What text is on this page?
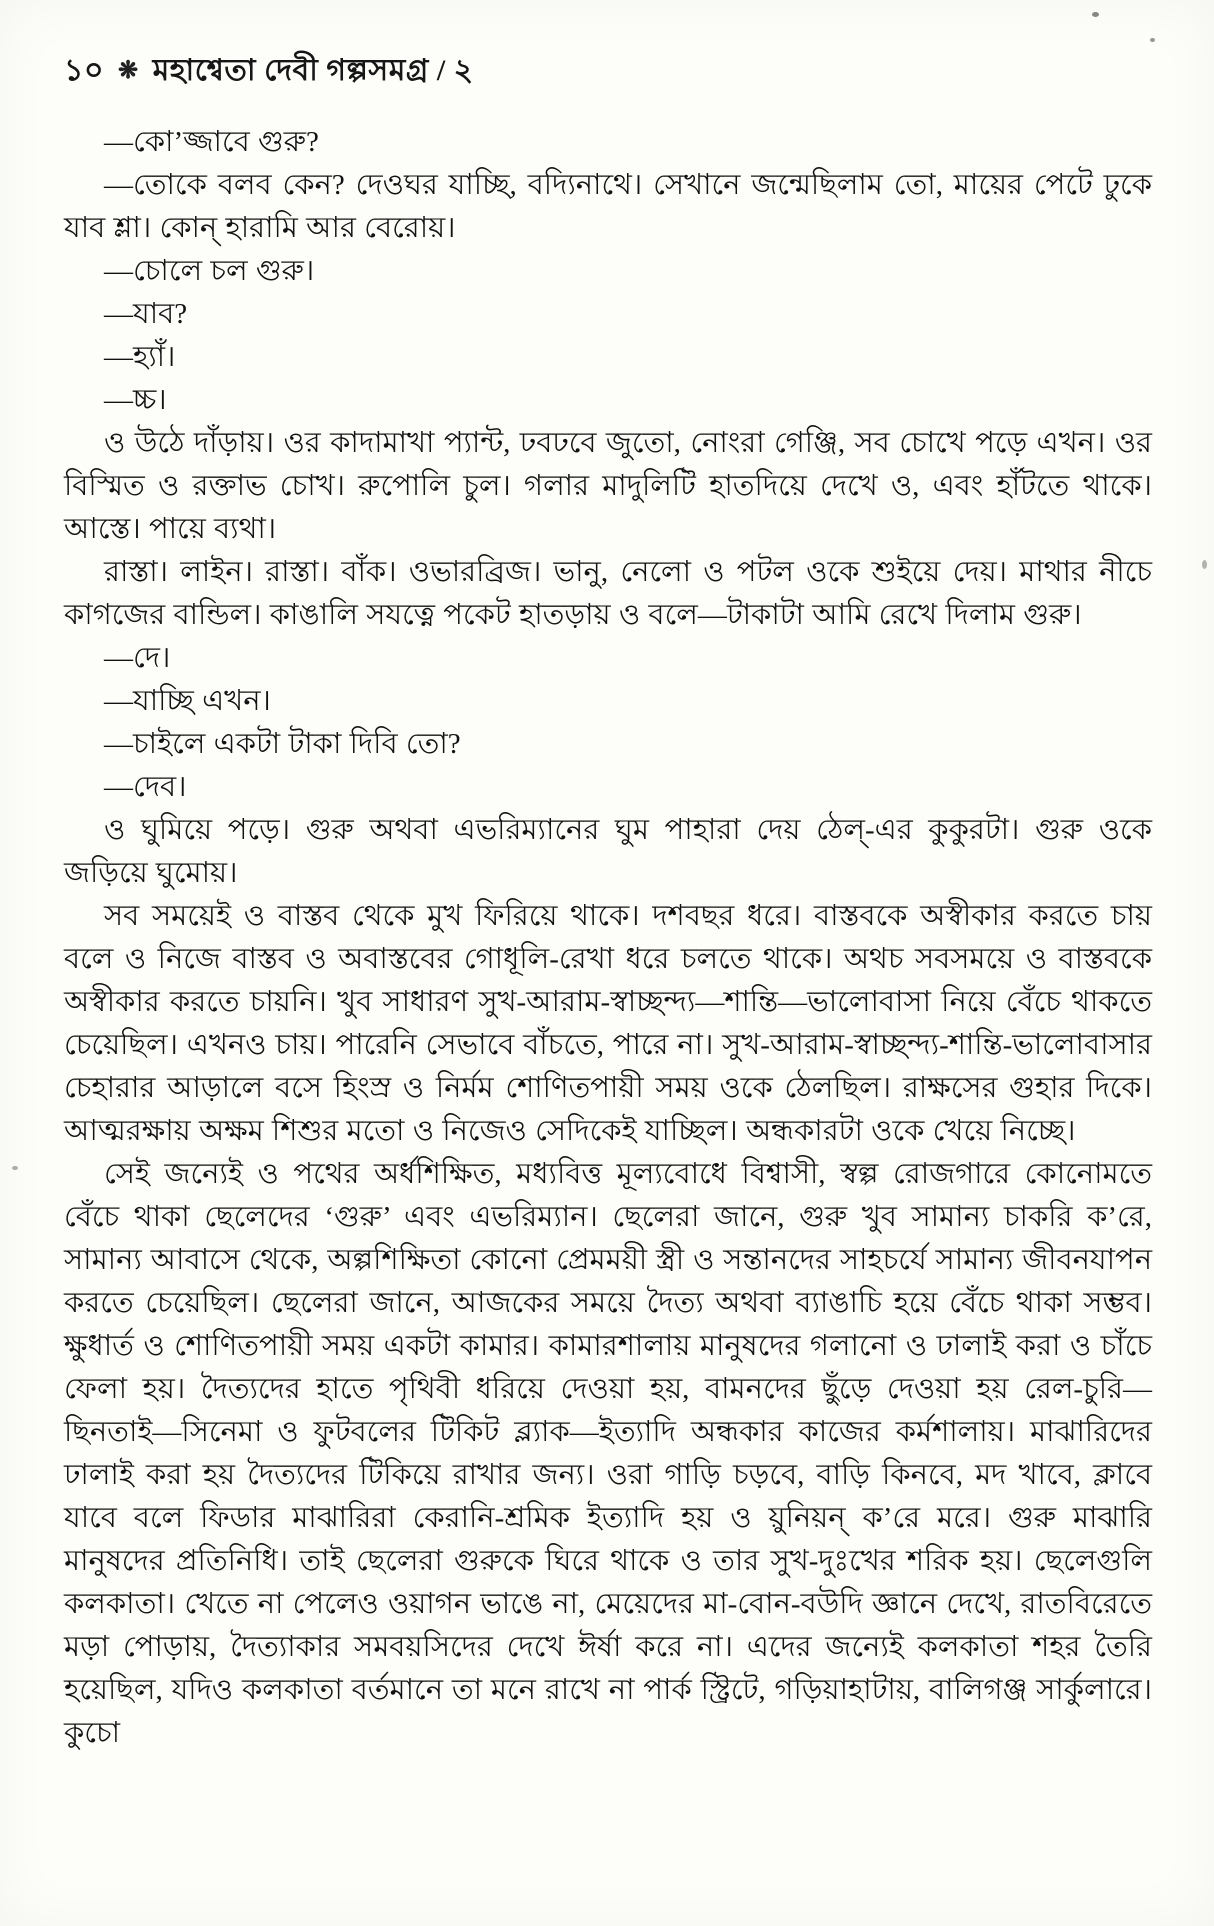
১০ ❋ মহাশ্বেতা দেবী গল্পসমগ্র / ২

—কো’জ্জাবে গুরু?

—তোকে বলব কেন? দেওঘর যাচ্ছি, বদ্যিনাথে। সেখানে জন্মেছিলাম তো, মায়ের পেটে ঢুকে যাব শ্লা। কোন্ হারামি আর বেরোয়।

—চোলে চল গুরু।

—যাব?

—হ্যাঁ।

—চ্চ।

ও উঠে দাঁড়ায়। ওর কাদামাখা প্যান্ট, ঢবঢবে জুতো, নোংরা গেঞ্জি, সব চোখে পড়ে এখন। ওর বিস্মিত ও রক্তাভ চোখ। রুপোলি চুল। গলার মাদুলিটি হাতদিয়ে দেখে ও, এবং হাঁটতে থাকে। আস্তে। পায়ে ব্যথা।

রাস্তা। লাইন। রাস্তা। বাঁক। ওভারব্রিজ। ভানু, নেলো ও পটল ওকে শুইয়ে দেয়। মাথার নীচে কাগজের বান্ডিল। কাঙালি সযত্নে পকেট হাতড়ায় ও বলে—টাকাটা আমি রেখে দিলাম গুরু।

—দে।

—যাচ্ছি এখন।

—চাইলে একটা টাকা দিবি তো?

—দেব।

ও ঘুমিয়ে পড়ে। গুরু অথবা এভরিম্যানের ঘুম পাহারা দেয় ঠেল্-এর কুকুরটা। গুরু ওকে জড়িয়ে ঘুমোয়।

সব সময়েই ও বাস্তব থেকে মুখ ফিরিয়ে থাকে। দশবছর ধরে। বাস্তবকে অস্বীকার করতে চায় বলে ও নিজে বাস্তব ও অবাস্তবের গোধূলি-রেখা ধরে চলতে থাকে। অথচ সবসময়ে ও বাস্তবকে অস্বীকার করতে চায়নি। খুব সাধারণ সুখ-আরাম-স্বাচ্ছন্দ্য—শান্তি—ভালোবাসা নিয়ে বেঁচে থাকতে চেয়েছিল। এখনও চায়। পারেনি সেভাবে বাঁচতে, পারে না। সুখ-আরাম-স্বাচ্ছন্দ্য-শান্তি-ভালোবাসার চেহারার আড়ালে বসে হিংস্র ও নির্মম শোণিতপায়ী সময় ওকে ঠেলছিল। রাক্ষসের গুহার দিকে। আত্মরক্ষায় অক্ষম শিশুর মতো ও নিজেও সেদিকেই যাচ্ছিল। অন্ধকারটা ওকে খেয়ে নিচ্ছে।

সেই জন্যেই ও পথের অর্ধশিক্ষিত, মধ্যবিত্ত মূল্যবোধে বিশ্বাসী, স্বল্প রোজগারে কোনোমতে বেঁচে থাকা ছেলেদের ‘গুরু’ এবং এভরিম্যান। ছেলেরা জানে, গুরু খুব সামান্য চাকরি ক’রে, সামান্য আবাসে থেকে, অল্পশিক্ষিতা কোনো প্রেমময়ী স্ত্রী ও সন্তানদের সাহচর্যে সামান্য জীবনযাপন করতে চেয়েছিল। ছেলেরা জানে, আজকের সময়ে দৈত্য অথবা ব্যাঙাচি হয়ে বেঁচে থাকা সম্ভব। ক্ষুধার্ত ও শোণিতপায়ী সময় একটা কামার। কামারশালায় মানুষদের গলানো ও ঢালাই করা ও চাঁচে ফেলা হয়। দৈত্যদের হাতে পৃথিবী ধরিয়ে দেওয়া হয়, বামনদের ছুঁড়ে দেওয়া হয় রেল-চুরি—ছিনতাই—সিনেমা ও ফুটবলের টিকিট ব্ল্যাক—ইত্যাদি অন্ধকার কাজের কর্মশালায়। মাঝারিদের ঢালাই করা হয় দৈত্যদের টিকিয়ে রাখার জন্য। ওরা গাড়ি চড়বে, বাড়ি কিনবে, মদ খাবে, ক্লাবে যাবে বলে ফিডার মাঝারিরা কেরানি-শ্রমিক ইত্যাদি হয় ও য়ুনিয়ন্ ক’রে মরে। গুরু মাঝারি মানুষদের প্রতিনিধি। তাই ছেলেরা গুরুকে ঘিরে থাকে ও তার সুখ-দুঃখের শরিক হয়। ছেলেগুলি কলকাতা। খেতে না পেলেও ওয়াগন ভাঙে না, মেয়েদের মা-বোন-বউদি জ্ঞানে দেখে, রাতবিরেতে মড়া পোড়ায়, দৈত্যাকার সমবয়সিদের দেখে ঈর্ষা করে না। এদের জন্যেই কলকাতা শহর তৈরি হয়েছিল, যদিও কলকাতা বর্তমানে তা মনে রাখে না পার্ক স্ট্রিটে, গড়িয়াহাটায়, বালিগঞ্জ সার্কুলারে। কুচো
